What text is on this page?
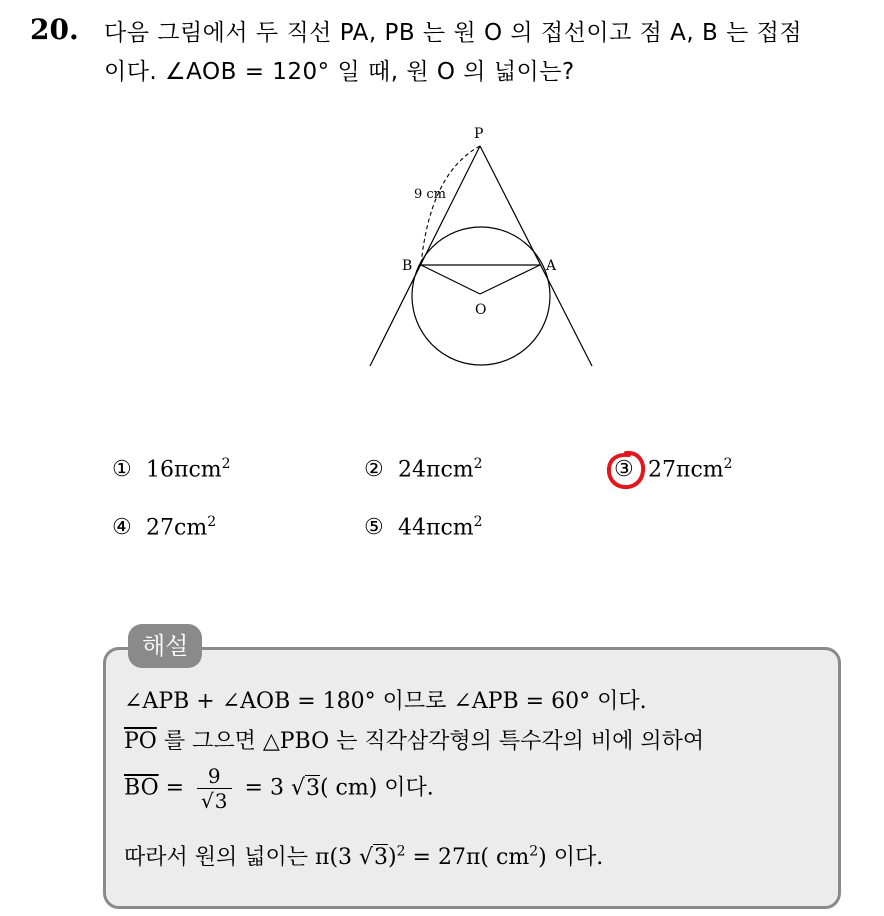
20. 다음 그림에서 두 직선 PA, PB 는 원 O 의 접선이고 점 A, B 는 접점
이다. ∠AOB = 120° 일 때, 원 O 의 넓이는?
P
B	A
O
9 cm
① 16πcm$^2$	② 24πcm$^2$	③ 27πcm$^2$
④ $27cm^2$	⑤ 44πcm$^2$
해설
∠APB + ∠AOB = 180° 이므로 ∠APB = 60° 이다.
$\overline{PO}$ 를 그으면 △PBO 는 직각삼각형의 특수각의 비에 의하여
$\overline{BO} = \frac{9}{√3} = 3$ √3( cm) 이다.
따라서 원의 넓이는 π(3 √3)$^2$ = 27π( $cm^2$) 이다.
